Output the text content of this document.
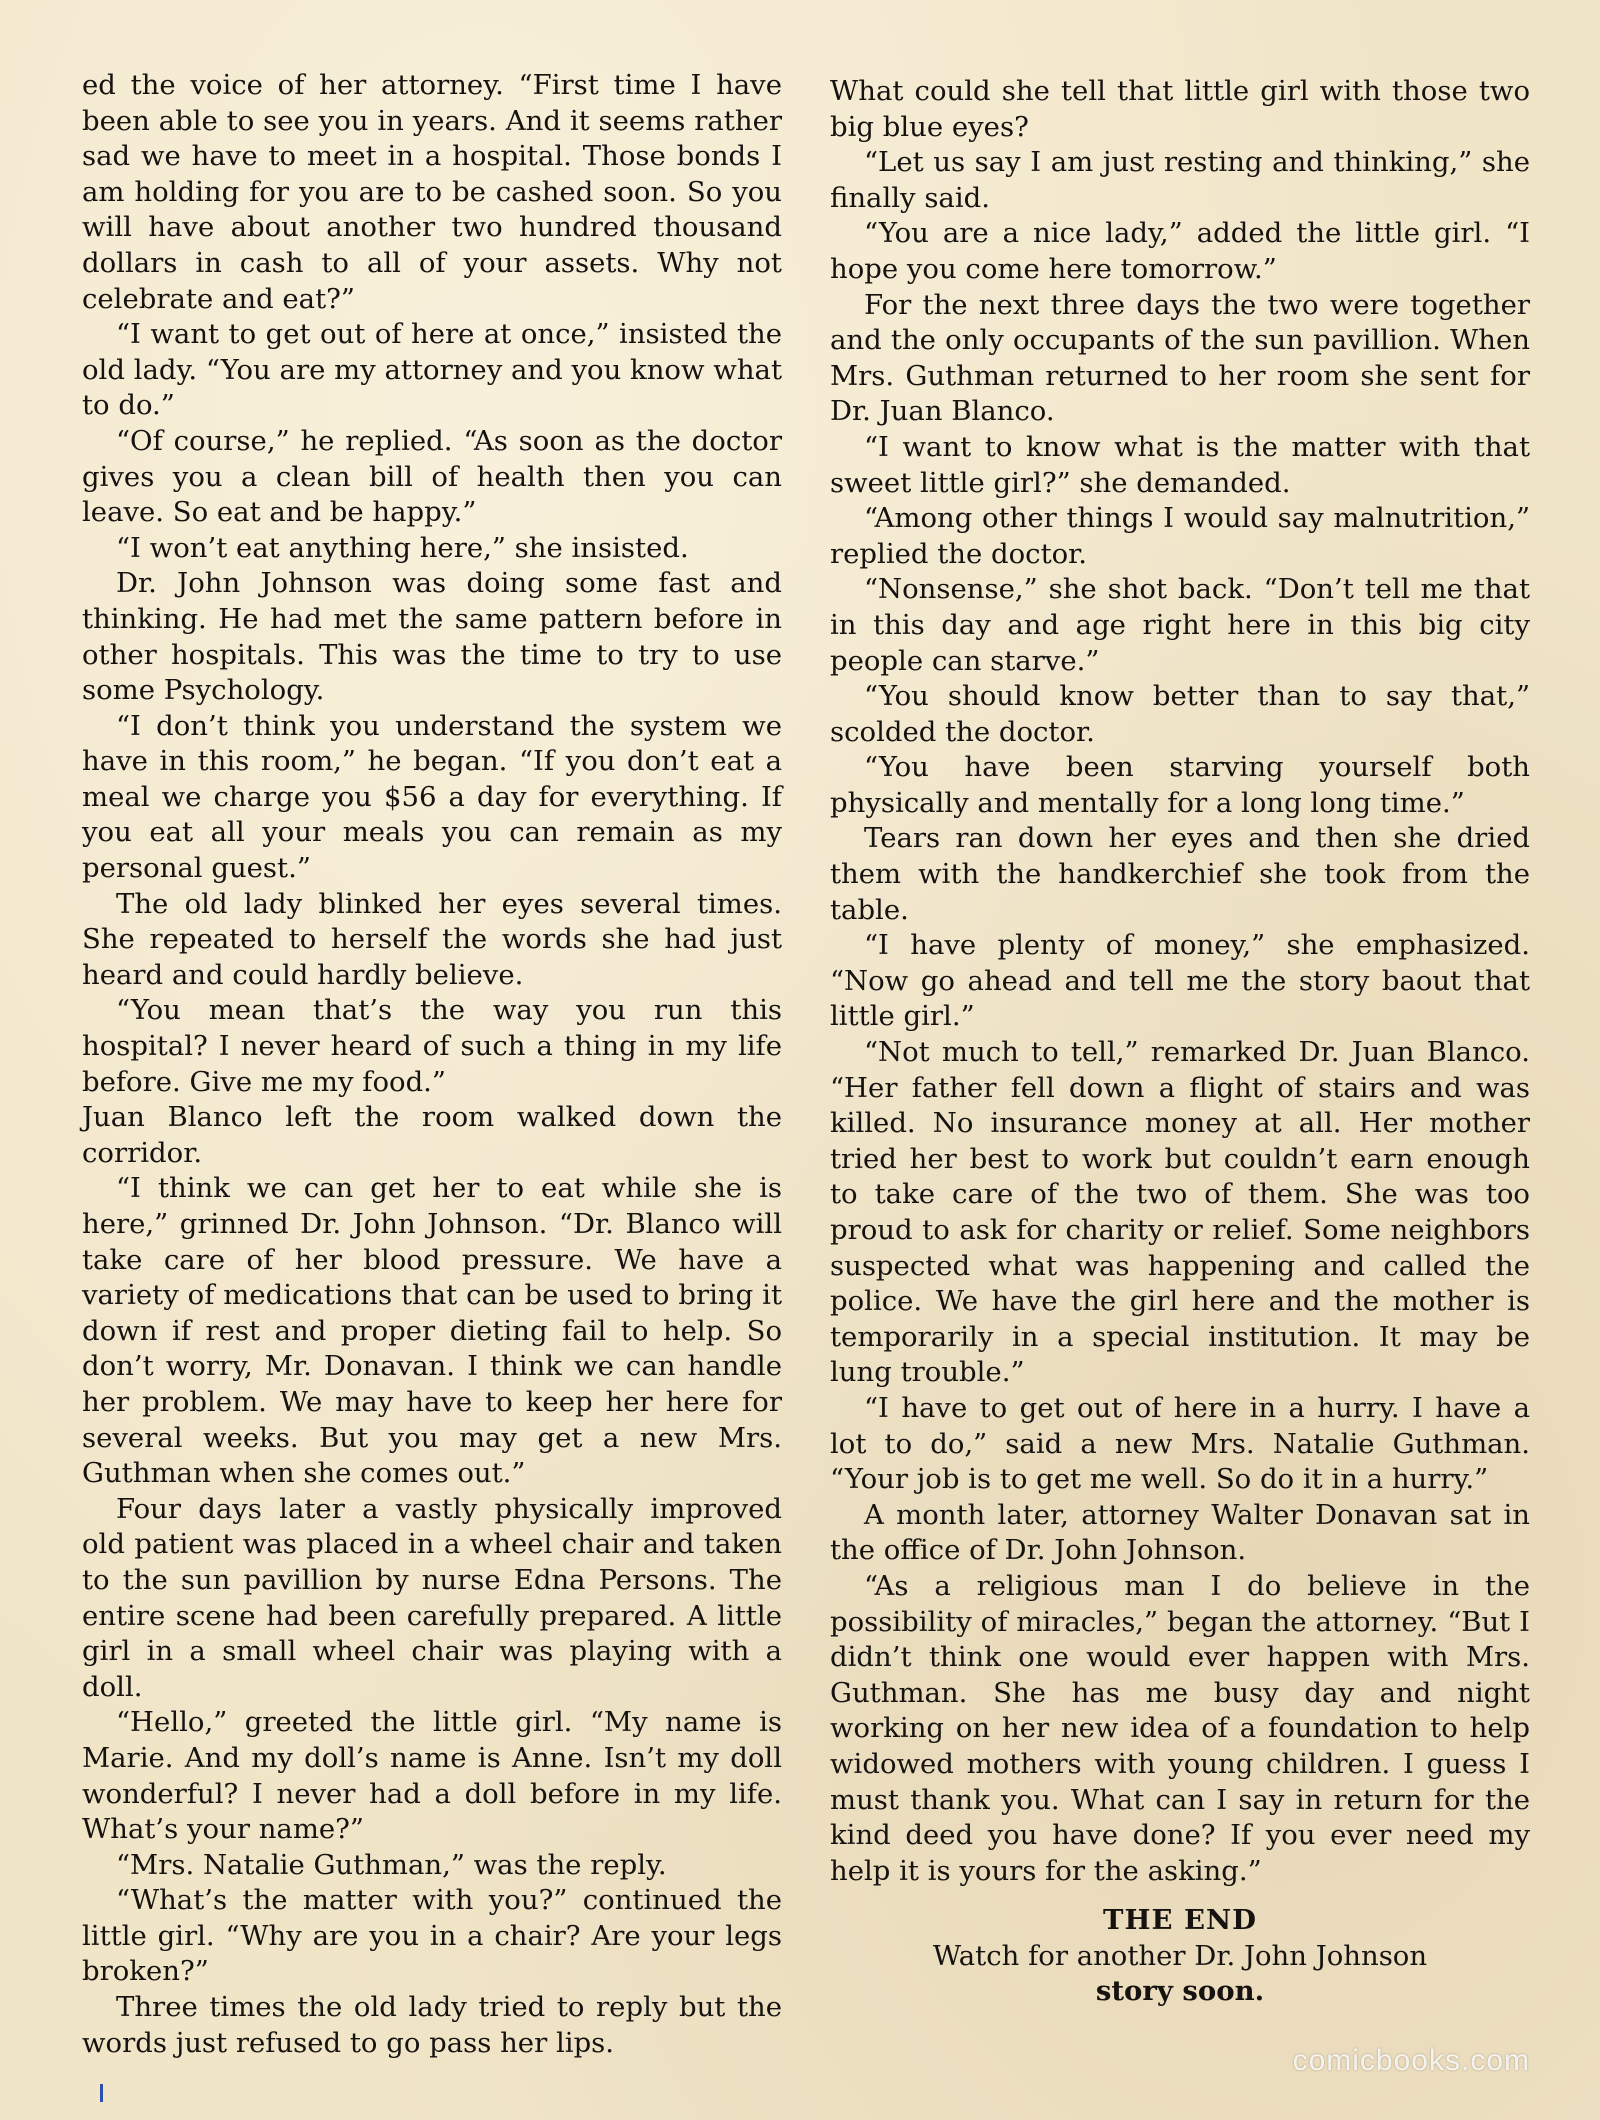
ed the voice of her attorney. “First time I have been able to see you in years. And it seems rather sad we have to meet in a hospital. Those bonds I am holding for you are to be cashed soon. So you will have about another two hundred thousand dollars in cash to all of your assets. Why not celebrate and eat?”

“I want to get out of here at once,” insisted the old lady. “You are my attorney and you know what to do.”

“Of course,” he replied. “As soon as the doctor gives you a clean bill of health then you can leave. So eat and be happy.”

“I won’t eat anything here,” she insisted.

Dr. John Johnson was doing some fast and thinking. He had met the same pattern before in other hospitals. This was the time to try to use some Psychology.

“I don’t think you understand the system we have in this room,” he began. “If you don’t eat a meal we charge you $56 a day for everything. If you eat all your meals you can remain as my personal guest.”

The old lady blinked her eyes several times. She repeated to herself the words she had just heard and could hardly believe.

“You mean that’s the way you run this hospital? I never heard of such a thing in my life before. Give me my food.”

Juan Blanco left the room walked down the corridor.

“I think we can get her to eat while she is here,” grinned Dr. John Johnson. “Dr. Blanco will take care of her blood pressure. We have a variety of medications that can be used to bring it down if rest and proper dieting fail to help. So don’t worry, Mr. Donavan. I think we can handle her problem. We may have to keep her here for several weeks. But you may get a new Mrs. Guthman when she comes out.”

Four days later a vastly physically improved old patient was placed in a wheel chair and taken to the sun pavillion by nurse Edna Persons. The entire scene had been carefully prepared. A little girl in a small wheel chair was playing with a doll.

“Hello,” greeted the little girl. “My name is Marie. And my doll’s name is Anne. Isn’t my doll wonderful? I never had a doll before in my life. What’s your name?”

“Mrs. Natalie Guthman,” was the reply.

“What’s the matter with you?” continued the little girl. “Why are you in a chair? Are your legs broken?”

Three times the old lady tried to reply but the words just refused to go pass her lips.

What could she tell that little girl with those two big blue eyes?

“Let us say I am just resting and thinking,” she finally said.

“You are a nice lady,” added the little girl. “I hope you come here tomorrow.”

For the next three days the two were together and the only occupants of the sun pavillion. When Mrs. Guthman returned to her room she sent for Dr. Juan Blanco.

“I want to know what is the matter with that sweet little girl?” she demanded.

“Among other things I would say malnutrition,” replied the doctor.

“Nonsense,” she shot back. “Don’t tell me that in this day and age right here in this big city people can starve.”

“You should know better than to say that,” scolded the doctor.

“You have been starving yourself both physically and mentally for a long long time.”

Tears ran down her eyes and then she dried them with the handkerchief she took from the table.

“I have plenty of money,” she emphasized. “Now go ahead and tell me the story baout that little girl.”

“Not much to tell,” remarked Dr. Juan Blanco. “Her father fell down a flight of stairs and was killed. No insurance money at all. Her mother tried her best to work but couldn’t earn enough to take care of the two of them. She was too proud to ask for charity or relief. Some neighbors suspected what was happening and called the police. We have the girl here and the mother is temporarily in a special institution. It may be lung trouble.”

“I have to get out of here in a hurry. I have a lot to do,” said a new Mrs. Natalie Guthman. “Your job is to get me well. So do it in a hurry.”

A month later, attorney Walter Donavan sat in the office of Dr. John Johnson.

“As a religious man I do believe in the possibility of miracles,” began the attorney. “But I didn’t think one would ever happen with Mrs. Guthman. She has me busy day and night working on her new idea of a foundation to help widowed mothers with young children. I guess I must thank you. What can I say in return for the kind deed you have done? If you ever need my help it is yours for the asking.”

THE END
Watch for another Dr. John Johnson
story soon.
comicbooks.com
